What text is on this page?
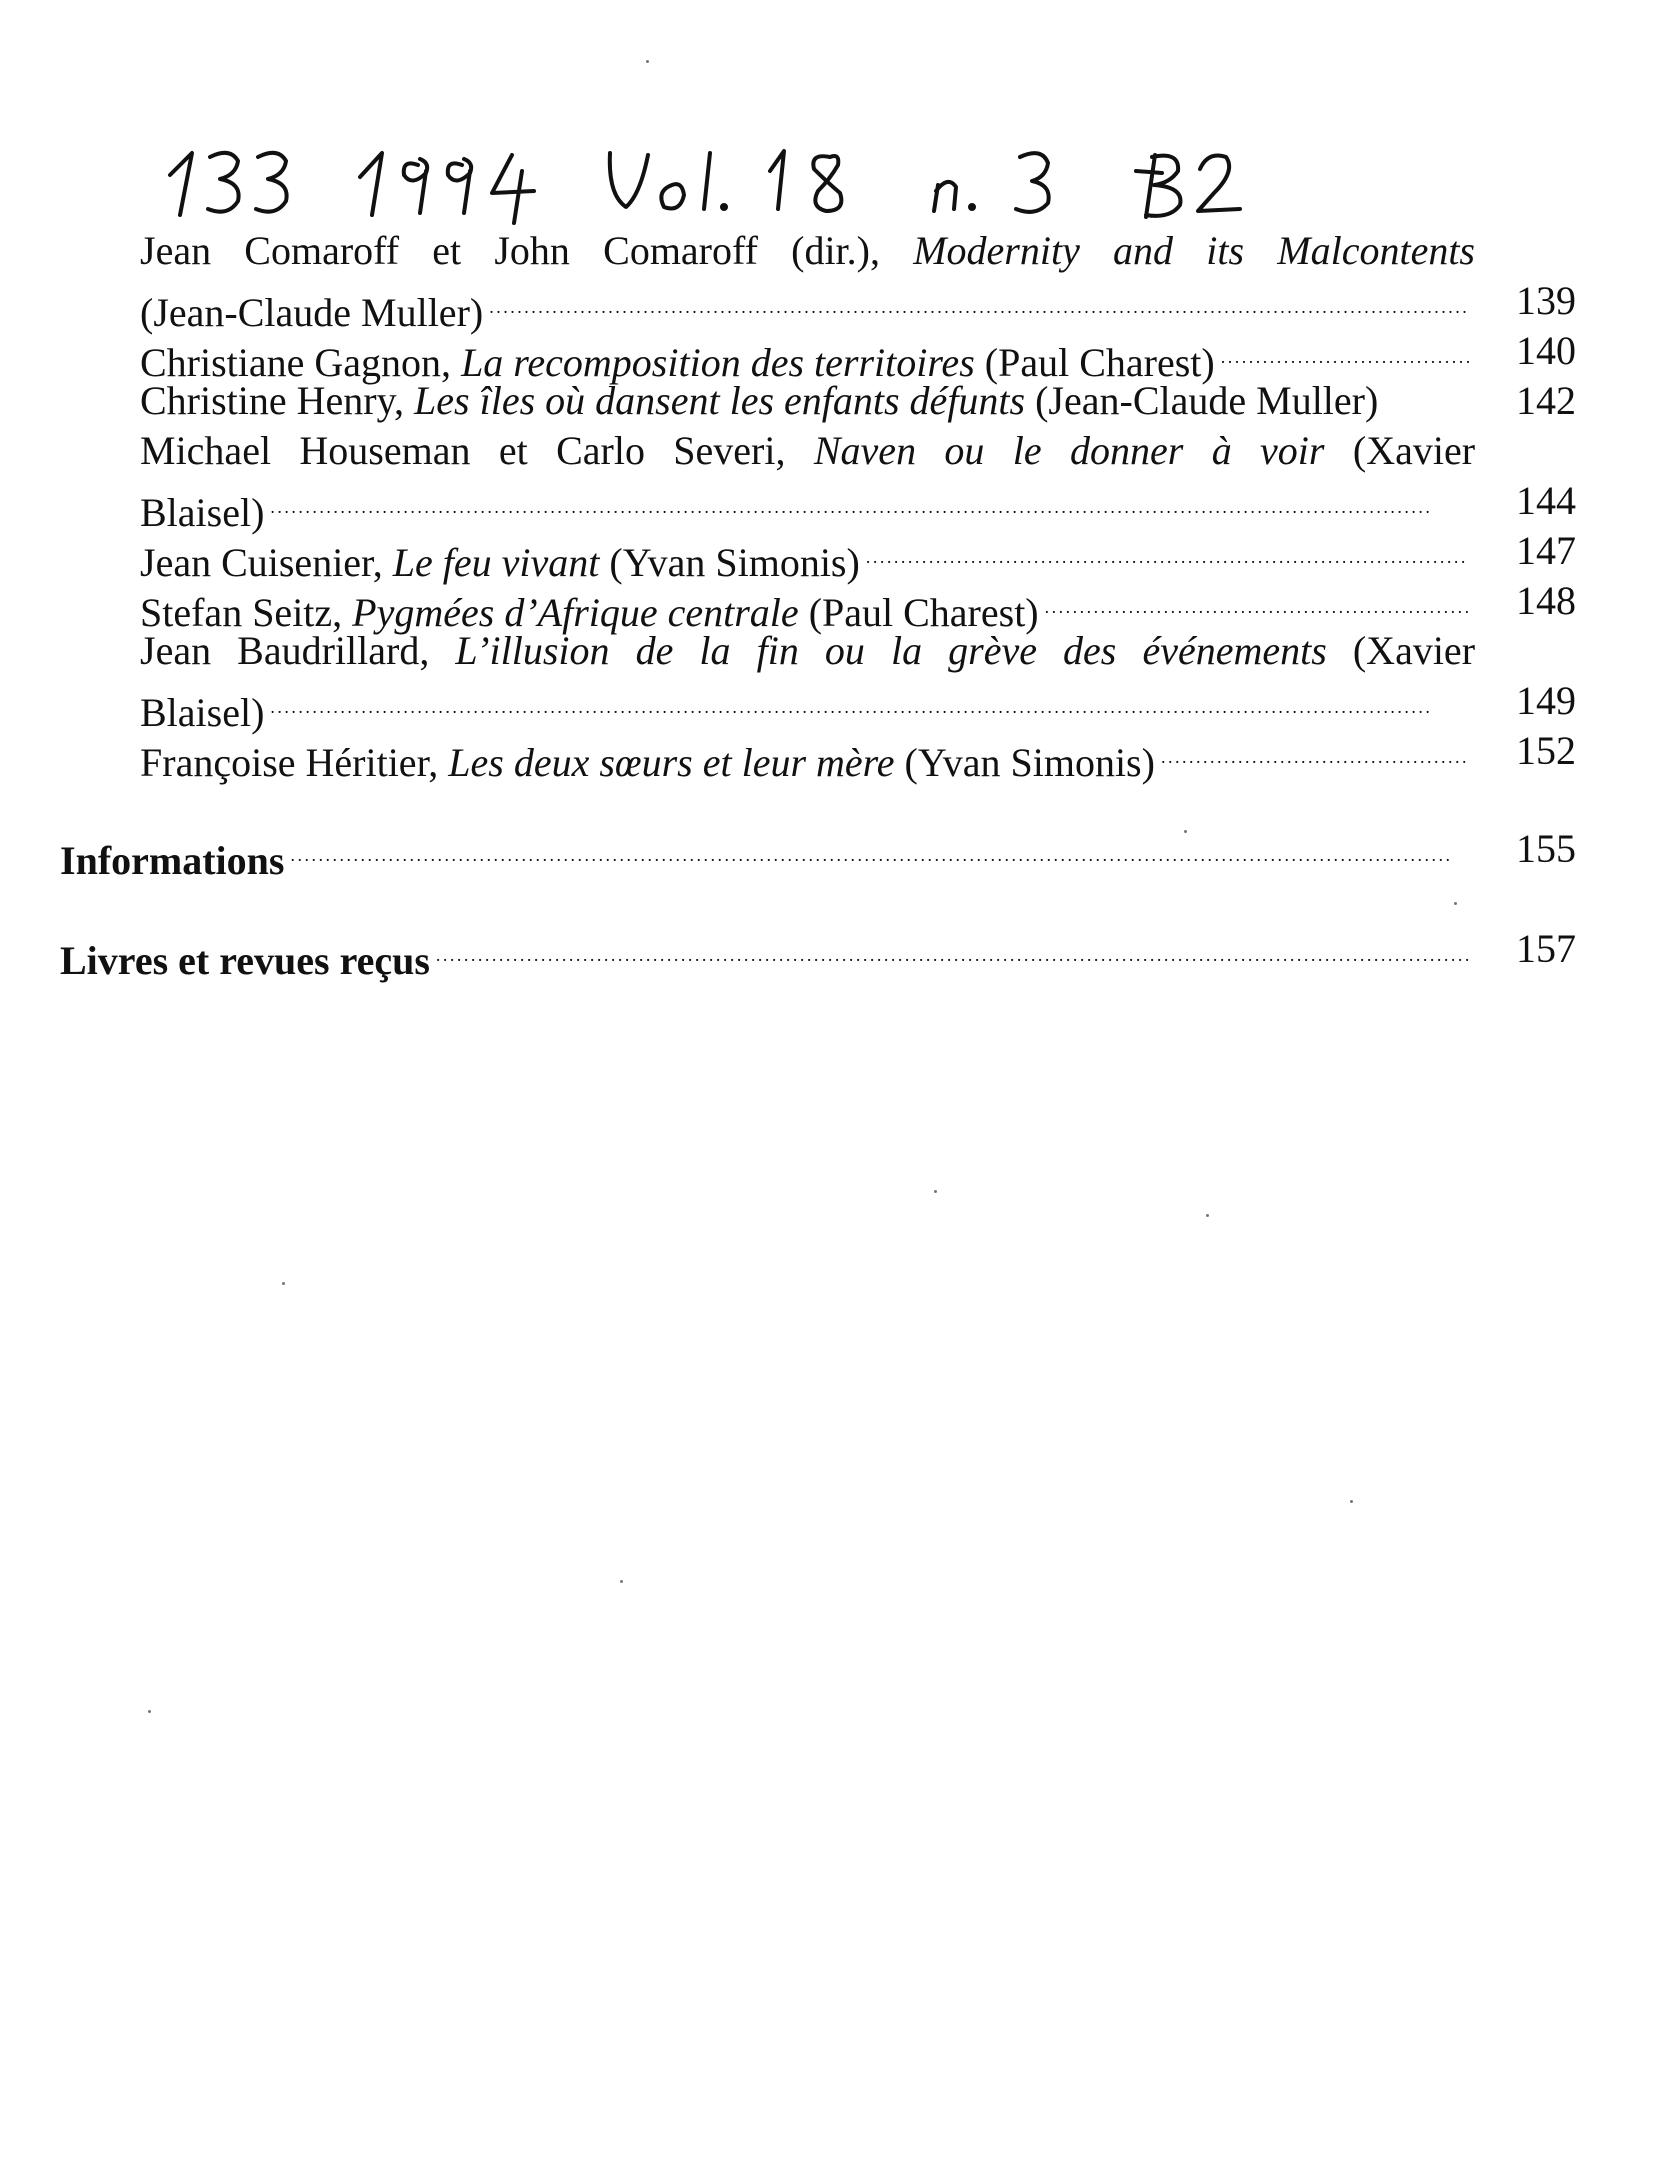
Jean Comaroff et John Comaroff (dir.), Modernity and its Malcontents
(Jean-Claude Muller) . . .	139
Christiane Gagnon,
La recomposition des territoires
(Paul Charest) . . .	140
Christine Henry,
Les îles où dansent les enfants défunts
(Jean-Claude Muller)	142
Michael Houseman et Carlo Severi, Naven ou le donner à voir (Xavier
Blaisel) . . .	144
Jean Cuisenier,
Le feu vivant
(Yvan Simonis) . . .	147
Stefan Seitz,
Pygmées d’Afrique centrale
(Paul Charest) . . .	148
Jean Baudrillard, L’illusion de la fin ou la grève des événements (Xavier
Blaisel) . . .	149
Françoise Héritier,
Les deux sœurs et leur mère
(Yvan Simonis) . . .	152
Informations . . .	155
Livres et revues reçus . . .	157
